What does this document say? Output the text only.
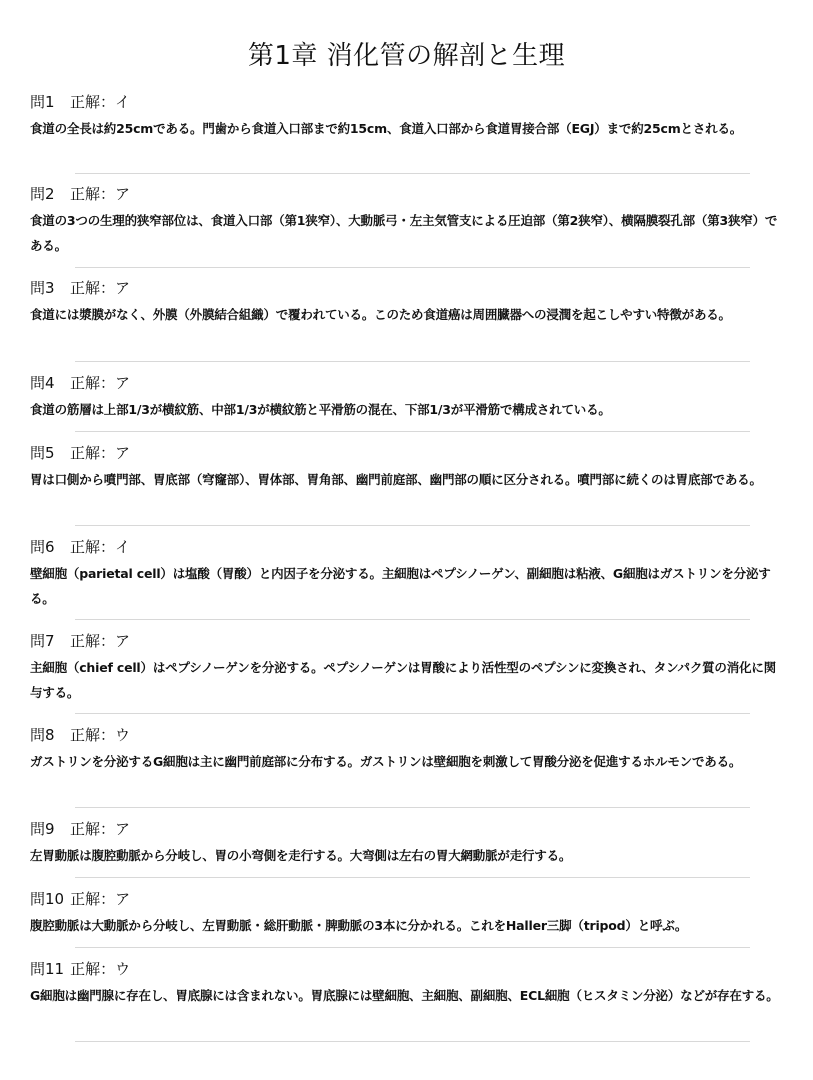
第1章 消化管の解剖と生理
問1 正解：イ
食道の全長は約25cmである。門歯から食道入口部まで約15cm、食道入口部から食道胃接合部（EGJ）まで約25cmとされる。
問2 正解：ア
食道の3つの生理的狭窄部位は、食道入口部（第1狭窄）、大動脈弓・左主気管支による圧迫部（第2狭窄）、横隔膜裂孔部（第3狭窄）である。
問3 正解：ア
食道には漿膜がなく、外膜（外膜結合組織）で覆われている。このため食道癌は周囲臓器への浸潤を起こしやすい特徴がある。
問4 正解：ア
食道の筋層は上部1/3が横紋筋、中部1/3が横紋筋と平滑筋の混在、下部1/3が平滑筋で構成されている。
問5 正解：ア
胃は口側から噴門部、胃底部（穹窿部）、胃体部、胃角部、幽門前庭部、幽門部の順に区分される。噴門部に続くのは胃底部である。
問6 正解：イ
壁細胞（parietal cell）は塩酸（胃酸）と内因子を分泌する。主細胞はペプシノーゲン、副細胞は粘液、G細胞はガストリンを分泌する。
問7 正解：ア
主細胞（chief cell）はペプシノーゲンを分泌する。ペプシノーゲンは胃酸により活性型のペプシンに変換され、タンパク質の消化に関与する。
問8 正解：ウ
ガストリンを分泌するG細胞は主に幽門前庭部に分布する。ガストリンは壁細胞を刺激して胃酸分泌を促進するホルモンである。
問9 正解：ア
左胃動脈は腹腔動脈から分岐し、胃の小弯側を走行する。大弯側は左右の胃大網動脈が走行する。
問10 正解：ア
腹腔動脈は大動脈から分岐し、左胃動脈・総肝動脈・脾動脈の3本に分かれる。これをHaller三脚（tripod）と呼ぶ。
問11 正解：ウ
G細胞は幽門腺に存在し、胃底腺には含まれない。胃底腺には壁細胞、主細胞、副細胞、ECL細胞（ヒスタミン分泌）などが存在する。
